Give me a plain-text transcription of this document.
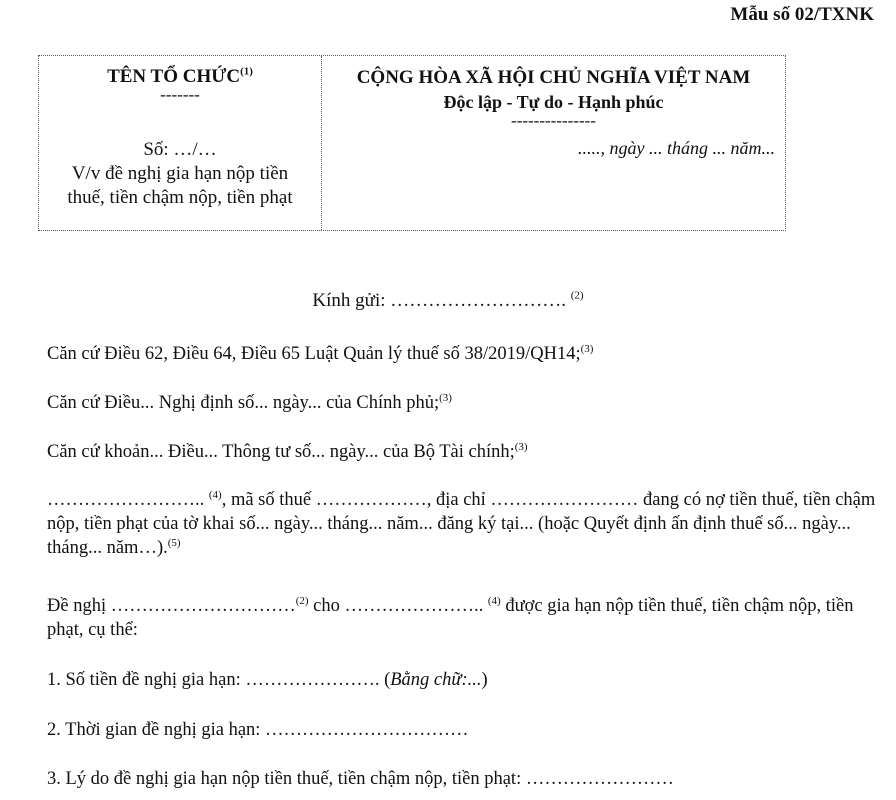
Mẫu số 02/TXNK
TÊN TỔ CHỨC$^{(1)}$
-------
Số: …/…
V/v đề nghị gia hạn nộp tiền
thuế, tiền chậm nộp, tiền phạt
CỘNG HÒA XÃ HỘI CHỦ NGHĨA VIỆT NAM
Độc lập - Tự do - Hạnh phúc
---------------
....., ngày ... tháng ... năm...
Kính gửi: ………………………. $^{(2)}$
Căn cứ Điều 62, Điều 64, Điều 65 Luật Quản lý thuế số 38/2019/QH14;$^{(3)}$
Căn cứ Điều... Nghị định số... ngày... của Chính phủ;$^{(3)}$
Căn cứ khoản... Điều... Thông tư số... ngày... của Bộ Tài chính;$^{(3)}$
…………………….. $^{(4)}$, mã số thuế ………………, địa chỉ …………………… đang có nợ tiền thuế, tiền chậm nộp, tiền phạt của tờ khai số... ngày... tháng... năm... đăng ký tại... (hoặc Quyết định ấn định thuế số... ngày... tháng... năm…).$^{(5)}$
Đề nghị …………………………$^{(2)}$ cho ………………….. $^{(4)}$ được gia hạn nộp tiền thuế, tiền chậm nộp, tiền phạt, cụ thể:
1. Số tiền đề nghị gia hạn: …………………. (Bằng chữ:...)
2. Thời gian đề nghị gia hạn: ……………………………
3. Lý do đề nghị gia hạn nộp tiền thuế, tiền chậm nộp, tiền phạt: ……………………
